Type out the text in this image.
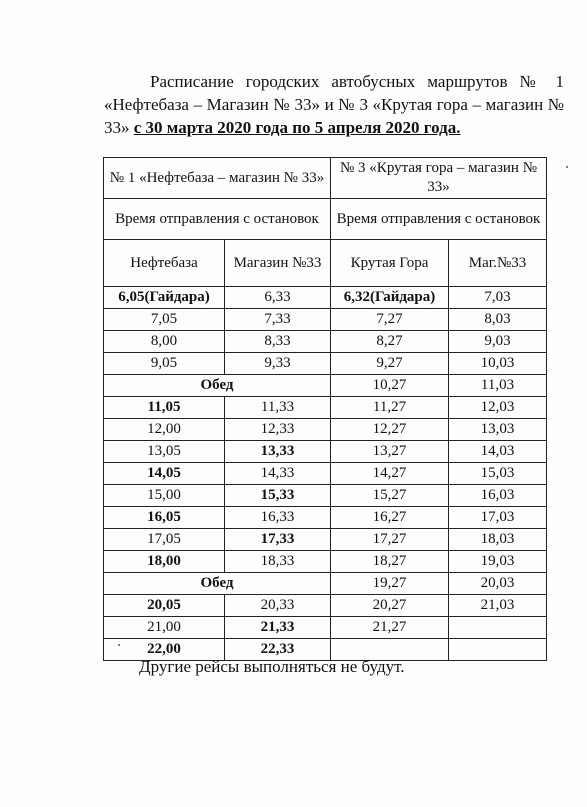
Расписание городских автобусных маршрутов № 1 «Нефтебаза – Магазин № 33» и № 3 «Крутая гора – магазин № 33» с 30 марта 2020 года по 5 апреля 2020 года.
№ 1 «Нефтебаза – магазин № 33»		№ 3 «Крутая гора – магазин № 33»	
Время отправления с остановок		Время отправления с остановок	
Нефтебаза	Магазин №33	Крутая Гора	Маг.№33
6,05(Гайдара)	6,33	6,32(Гайдара)	7,03
7,05	7,33	7,27	8,03
8,00	8,33	8,27	9,03
9,05	9,33	9,27	10,03
Обед		10,27	11,03
11,05	11,33	11,27	12,03
12,00	12,33	12,27	13,03
13,05	13,33	13,27	14,03
14,05	14,33	14,27	15,03
15,00	15,33	15,27	16,03
16,05	16,33	16,27	17,03
17,05	17,33	17,27	18,03
18,00	18,33	18,27	19,03
Обед		19,27	20,03
20,05	20,33	20,27	21,03
21,00	21,33	21,27	
22,00	22,33		
Другие рейсы выполняться не будут.
